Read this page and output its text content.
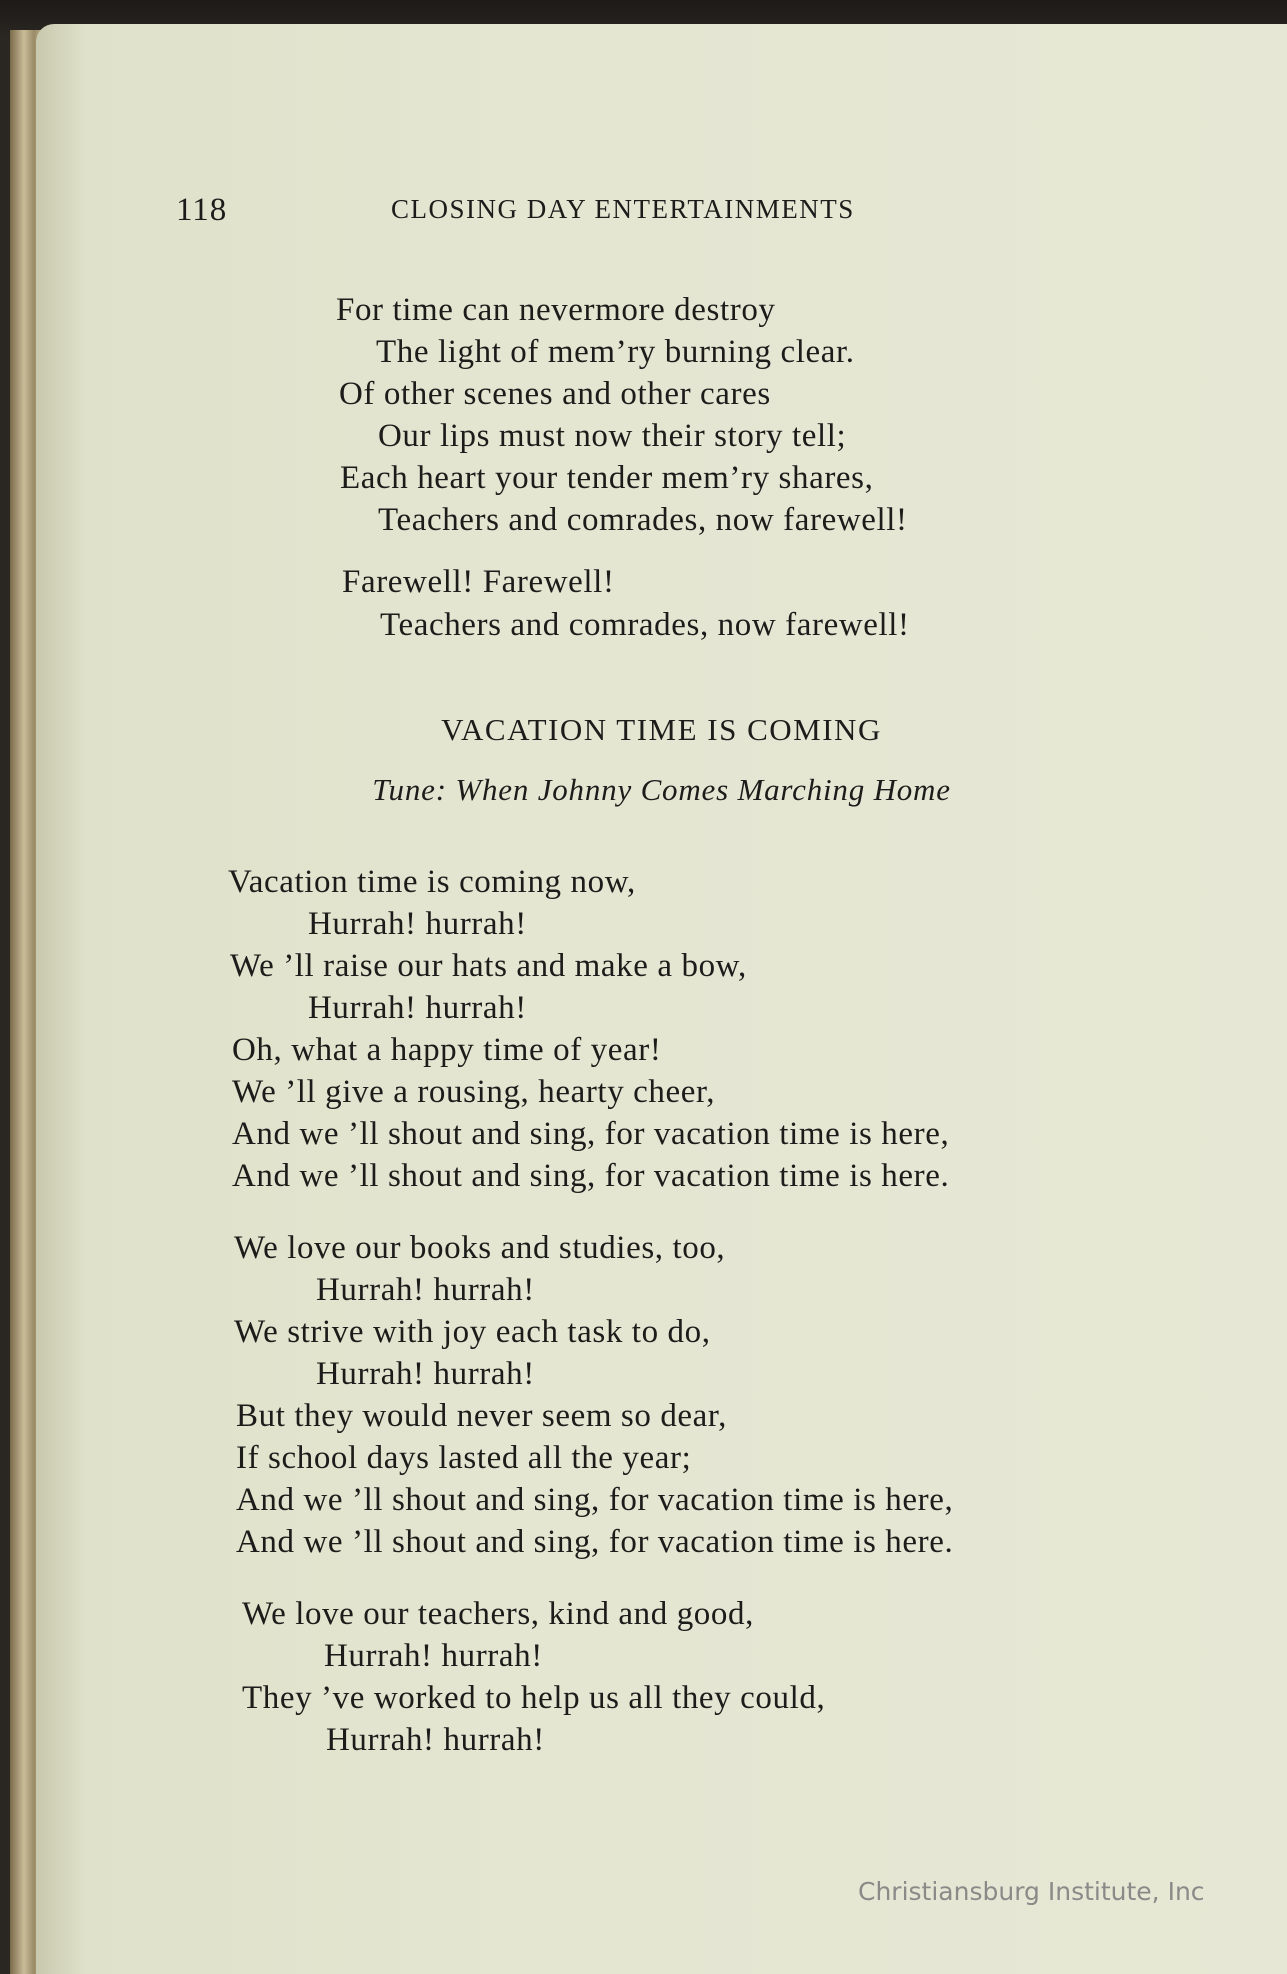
118	CLOSING DAY ENTERTAINMENTS
For time can nevermore destroy
The light of mem’ry burning clear.
Of other scenes and other cares
Our lips must now their story tell;
Each heart your tender mem’ry shares,
Teachers and comrades, now farewell!
Farewell! Farewell!
Teachers and comrades, now farewell!
VACATION TIME IS COMING
Tune: When Johnny Comes Marching Home
Vacation time is coming now,
Hurrah! hurrah!
We ’ll raise our hats and make a bow,
Hurrah! hurrah!
Oh, what a happy time of year!
We ’ll give a rousing, hearty cheer,
And we ’ll shout and sing, for vacation time is here,
And we ’ll shout and sing, for vacation time is here.
We love our books and studies, too,
Hurrah! hurrah!
We strive with joy each task to do,
Hurrah! hurrah!
But they would never seem so dear,
If school days lasted all the year;
And we ’ll shout and sing, for vacation time is here,
And we ’ll shout and sing, for vacation time is here.
We love our teachers, kind and good,
Hurrah! hurrah!
They ’ve worked to help us all they could,
Hurrah! hurrah!
Christiansburg Institute, Inc
